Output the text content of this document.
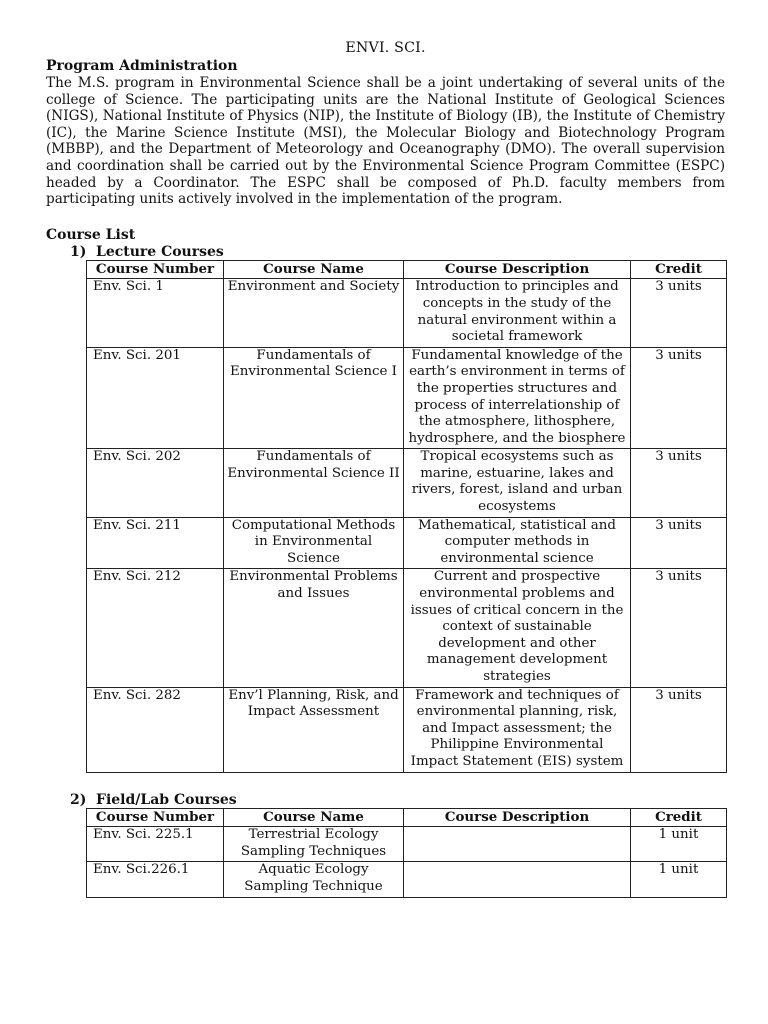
ENVI. SCI.

Program Administration

The M.S. program in Environmental Science shall be a joint undertaking of several units of the college of Science. The participating units are the National Institute of Geological Sciences (NIGS), National Institute of Physics (NIP), the Institute of Biology (IB), the Institute of Chemistry (IC), the Marine Science Institute (MSI), the Molecular Biology and Biotechnology Program (MBBP), and the Department of Meteorology and Oceanography (DMO). The overall supervision and coordination shall be carried out by the Environmental Science Program Committee (ESPC) headed by a Coordinator. The ESPC shall be composed of Ph.D. faculty members from participating units actively involved in the implementation of the program.

Course List

1) Lecture Courses
Course Number	Course Name	Course Description	Credit
Env. Sci. 1	Environment and Society	Introduction to principles and concepts in the study of the natural environment within a societal framework	3 units
Env. Sci. 201	Fundamentals of Environmental Science I	Fundamental knowledge of the earth’s environment in terms of the properties structures and process of interrelationship of the atmosphere, lithosphere, hydrosphere, and the biosphere	3 units
Env. Sci. 202	Fundamentals of Environmental Science II	Tropical ecosystems such as marine, estuarine, lakes and rivers, forest, island and urban ecosystems	3 units
Env. Sci. 211	Computational Methods in Environmental Science	Mathematical, statistical and computer methods in environmental science	3 units
Env. Sci. 212	Environmental Problems and Issues	Current and prospective environmental problems and issues of critical concern in the context of sustainable development and other management development strategies	3 units
Env. Sci. 282	Env’l Planning, Risk, and Impact Assessment	Framework and techniques of environmental planning, risk, and Impact assessment; the Philippine Environmental Impact Statement (EIS) system	3 units
2) Field/Lab Courses
Course Number	Course Name	Course Description	Credit
Env. Sci. 225.1	Terrestrial Ecology Sampling Techniques		1 unit
Env. Sci.226.1	Aquatic Ecology Sampling Technique		1 unit
